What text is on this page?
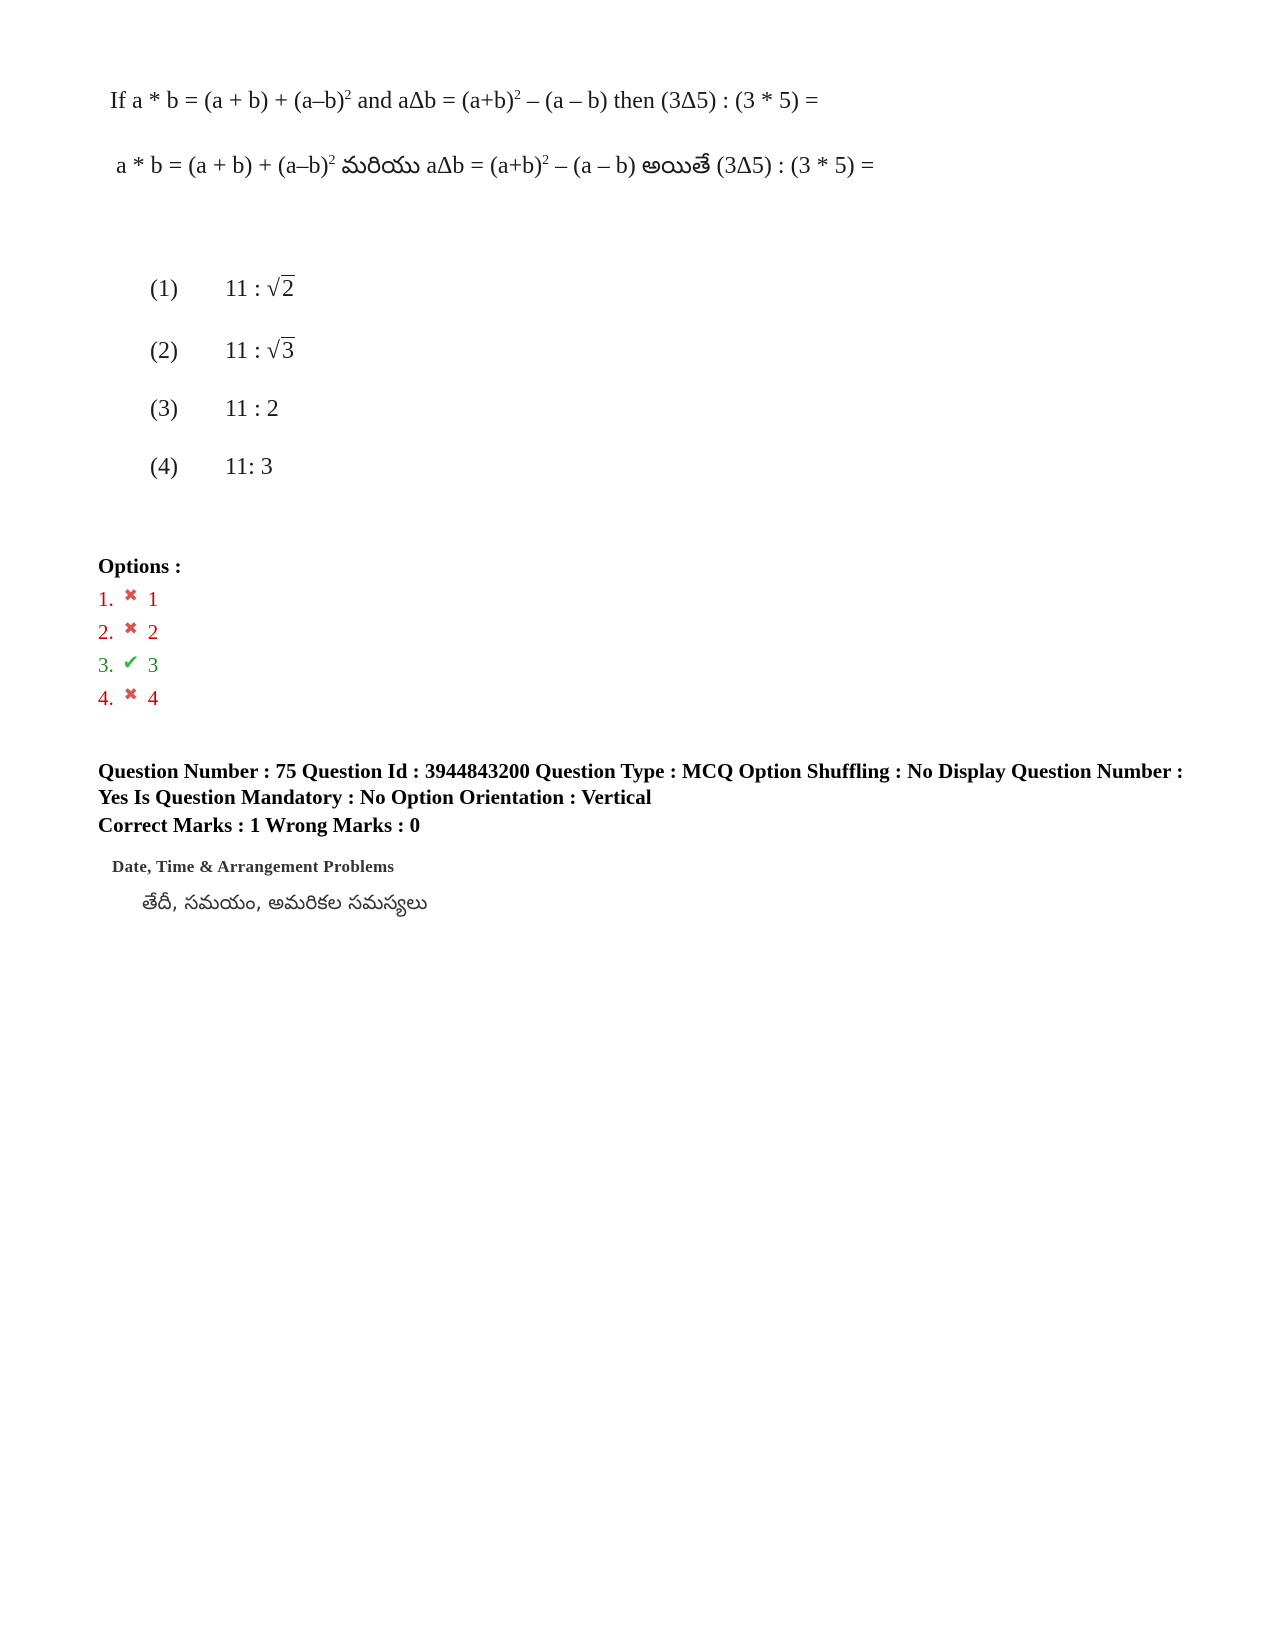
If $a * b = (a + b) + (a-b)^2$ and $a\Delta b = (a+b)^2 - (a - b)$ then (3Δ5) : (3 * 5) =
$a * b = (a + b) + (a-b)^2$ మరియు $a\Delta b = (a+b)^2 - (a - b)$ అయితే (3Δ5) : (3 * 5) =
(1) 11 : √2
(2) 11 : √3
(3) 11 : 2
(4) 11: 3
Options :
1. ✖ 1
2. ✖ 2
3. ✔ 3
4. ✖ 4
Question Number : 75 Question Id : 3944843200 Question Type : MCQ Option Shuffling : No Display Question Number : Yes Is Question Mandatory : No Option Orientation : Vertical
Correct Marks : 1 Wrong Marks : 0
Date, Time & Arrangement Problems
తేదీ, సమయం, అమరికల సమస్యలు
